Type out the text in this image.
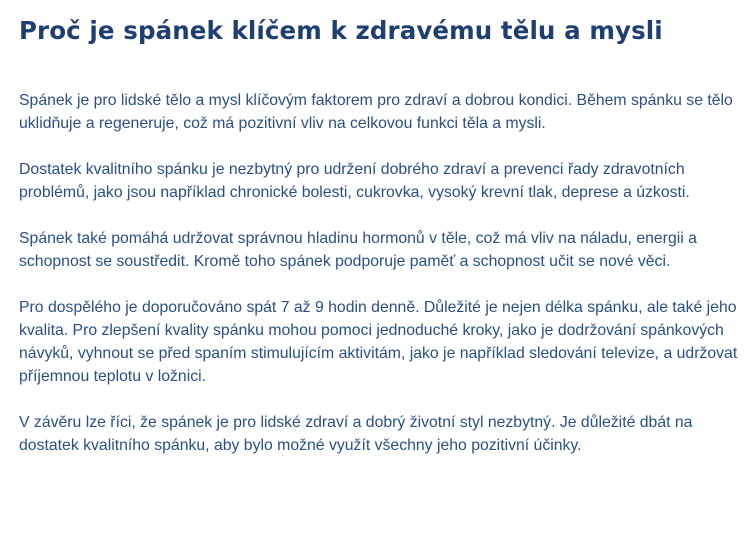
Proč je spánek klíčem k zdravému tělu a mysli

Spánek je pro lidské tělo a mysl klíčovým faktorem pro zdraví a dobrou kondici. Během spánku se tělo uklidňuje a regeneruje, což má pozitivní vliv na celkovou funkci těla a mysli.

Dostatek kvalitního spánku je nezbytný pro udržení dobrého zdraví a prevenci řady zdravotních problémů, jako jsou například chronické bolesti, cukrovka, vysoký krevní tlak, deprese a úzkosti.

Spánek také pomáhá udržovat správnou hladinu hormonů v těle, což má vliv na náladu, energii a schopnost se soustředit. Kromě toho spánek podporuje paměť a schopnost učit se nové věci.

Pro dospělého je doporučováno spát 7 až 9 hodin denně. Důležité je nejen délka spánku, ale také jeho kvalita. Pro zlepšení kvality spánku mohou pomoci jednoduché kroky, jako je dodržování spánkových návyků, vyhnout se před spaním stimulujícím aktivitám, jako je například sledování televize, a udržovat příjemnou teplotu v ložnici.

V závěru lze říci, že spánek je pro lidské zdraví a dobrý životní styl nezbytný. Je důležité dbát na dostatek kvalitního spánku, aby bylo možné využít všechny jeho pozitivní účinky.
